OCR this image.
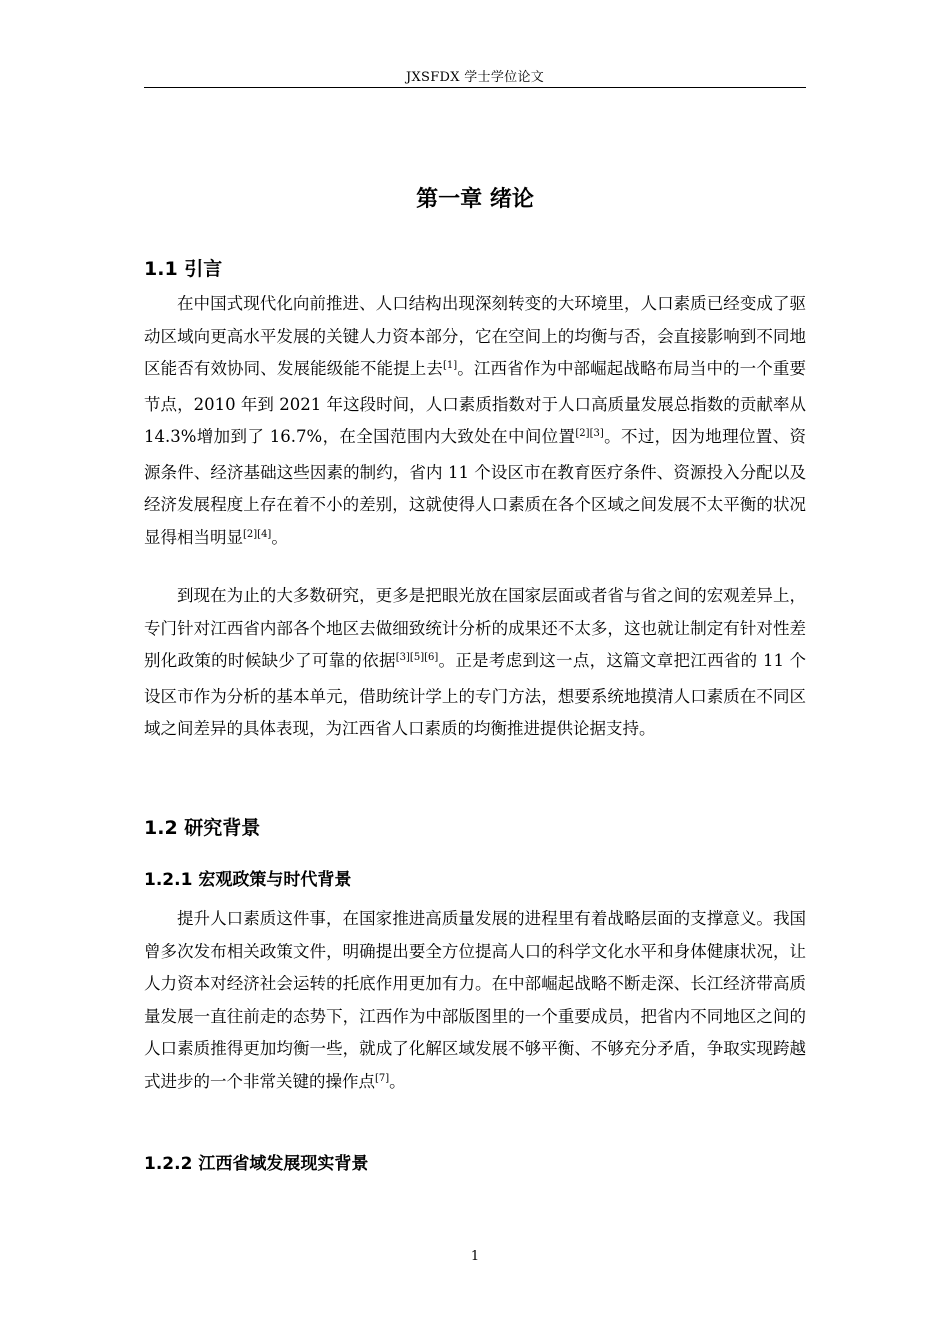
JXSFDX 学士学位论文
第一章 绪论
1.1 引言
在中国式现代化向前推进、人口结构出现深刻转变的大环境里，人口素质已经变成了驱动区域向更高水平发展的关键人力资本部分，它在空间上的均衡与否，会直接影响到不同地区能否有效协同、发展能级能不能提上去[1]。江西省作为中部崛起战略布局当中的一个重要节点，2010 年到 2021 年这段时间，人口素质指数对于人口高质量发展总指数的贡献率从 14.3%增加到了 16.7%，在全国范围内大致处在中间位置[2][3]。不过，因为地理位置、资源条件、经济基础这些因素的制约，省内 11 个设区市在教育医疗条件、资源投入分配以及经济发展程度上存在着不小的差别，这就使得人口素质在各个区域之间发展不太平衡的状况显得相当明显[2][4]。
到现在为止的大多数研究，更多是把眼光放在国家层面或者省与省之间的宏观差异上，专门针对江西省内部各个地区去做细致统计分析的成果还不太多，这也就让制定有针对性差别化政策的时候缺少了可靠的依据[3][5][6]。正是考虑到这一点，这篇文章把江西省的 11 个设区市作为分析的基本单元，借助统计学上的专门方法，想要系统地摸清人口素质在不同区域之间差异的具体表现，为江西省人口素质的均衡推进提供论据支持。
1.2 研究背景
1.2.1 宏观政策与时代背景
提升人口素质这件事，在国家推进高质量发展的进程里有着战略层面的支撑意义。我国曾多次发布相关政策文件，明确提出要全方位提高人口的科学文化水平和身体健康状况，让人力资本对经济社会运转的托底作用更加有力。在中部崛起战略不断走深、长江经济带高质量发展一直往前走的态势下，江西作为中部版图里的一个重要成员，把省内不同地区之间的人口素质推得更加均衡一些，就成了化解区域发展不够平衡、不够充分矛盾，争取实现跨越式进步的一个非常关键的操作点[7]。
1.2.2 江西省域发展现实背景
1
